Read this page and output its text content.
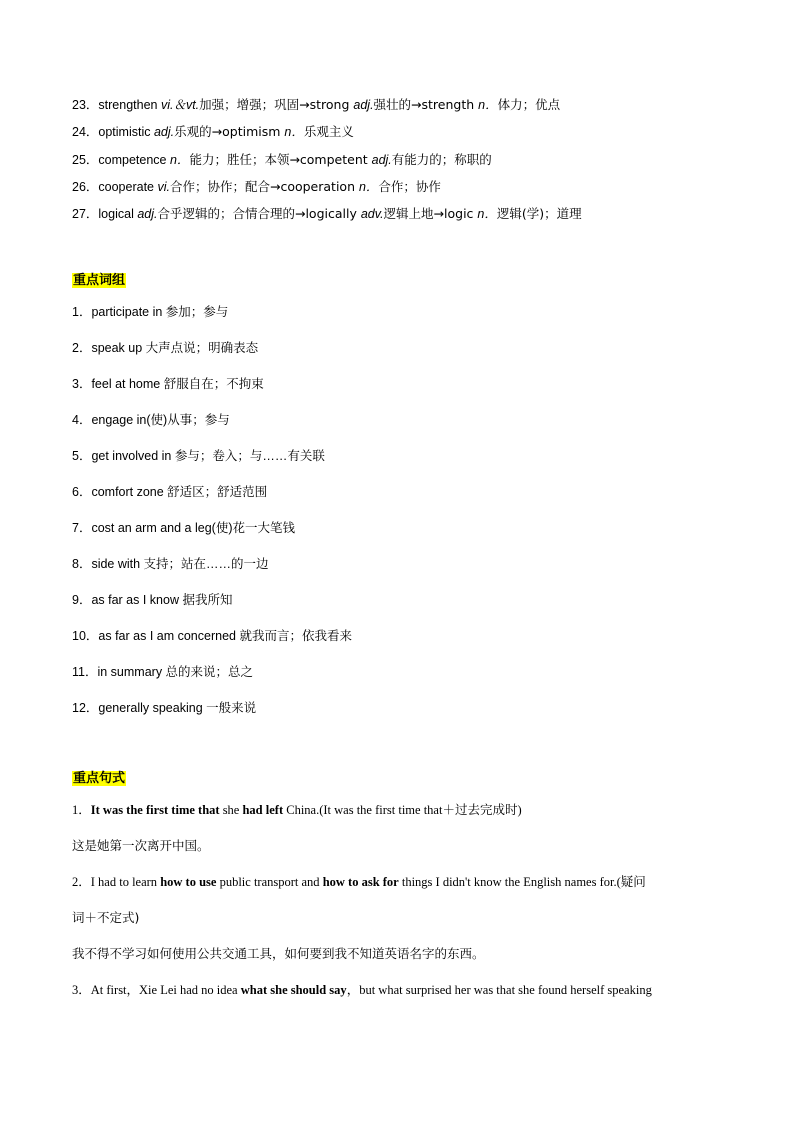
23．strengthen vi.＆vt.加强；增强；巩固→strong adj.强壮的→strength n．体力；优点
24．optimistic adj.乐观的→optimism n．乐观主义
25．competence n．能力；胜任；本领→competent adj.有能力的；称职的
26．cooperate vi.合作；协作；配合→cooperation n．合作；协作
27．logical adj.合乎逻辑的；合情合理的→logically adv.逻辑上地→logic n．逻辑(学)；道理
重点词组
1．participate in 参加；参与
2．speak up 大声点说；明确表态
3．feel at home 舒服自在；不拘束
4．engage in(使)从事；参与
5．get involved in 参与；卷入；与……有关联
6．comfort zone 舒适区；舒适范围
7．cost an arm and a leg(使)花一大笔钱
8．side with 支持；站在……的一边
9．as far as I know 据我所知
10．as far as I am concerned 就我而言；依我看来
11．in summary 总的来说；总之
12．generally speaking 一般来说
重点句式
1．It was the first time that she had left China.(It was the first time that＋过去完成时)
这是她第一次离开中国。
2．I had to learn how to use public transport and how to ask for things I didn't know the English names for.(疑问
词＋不定式)
我不得不学习如何使用公共交通工具，如何要到我不知道英语名字的东西。
3．At first，Xie Lei had no idea what she should say，but what surprised her was that she found herself speaking
